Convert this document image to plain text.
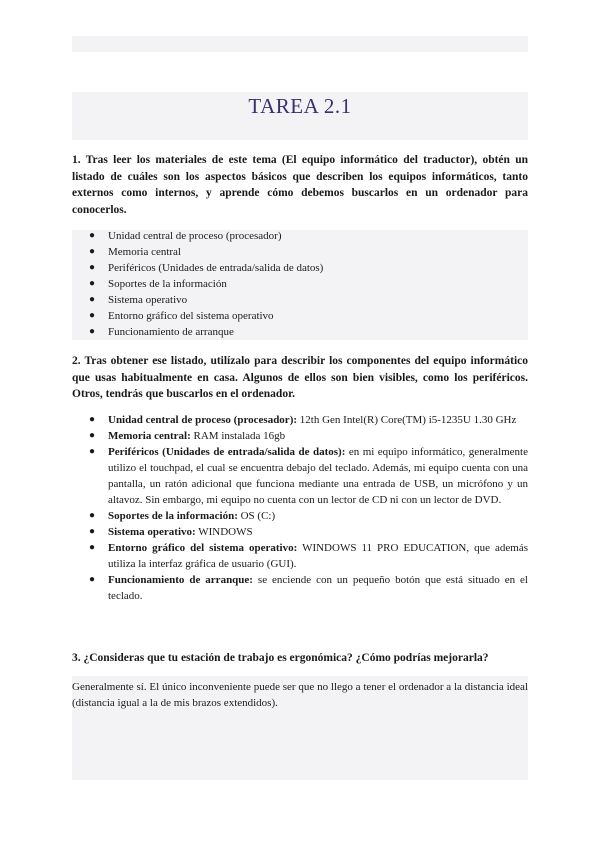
TAREA 2.1

1. Tras leer los materiales de este tema (El equipo informático del traductor), obtén un listado de cuáles son los aspectos básicos que describen los equipos informáticos, tanto externos como internos, y aprende cómo debemos buscarlos en un ordenador para conocerlos.

● Unidad central de proceso (procesador)
● Memoria central
● Periféricos (Unidades de entrada/salida de datos)
● Soportes de la información
● Sistema operativo
● Entorno gráfico del sistema operativo
● Funcionamiento de arranque

2. Tras obtener ese listado, utilízalo para describir los componentes del equipo informático que usas habitualmente en casa. Algunos de ellos son bien visibles, como los periféricos. Otros, tendrás que buscarlos en el ordenador.

● Unidad central de proceso (procesador): 12th Gen Intel(R) Core(TM) i5-1235U 1.30 GHz
● Memoria central: RAM instalada 16gb
● Periféricos (Unidades de entrada/salida de datos): en mi equipo informático, generalmente utilizo el touchpad, el cual se encuentra debajo del teclado. Además, mi equipo cuenta con una pantalla, un ratón adicional que funciona mediante una entrada de USB, un micrófono y un altavoz. Sin embargo, mi equipo no cuenta con un lector de CD ni con un lector de DVD.
● Soportes de la información: OS (C:)
● Sistema operativo: WINDOWS
● Entorno gráfico del sistema operativo: WINDOWS 11 PRO EDUCATION, que además utiliza la interfaz gráfica de usuario (GUI).
● Funcionamiento de arranque: se enciende con un pequeño botón que está situado en el teclado.

3. ¿Consideras que tu estación de trabajo es ergonómica? ¿Cómo podrías mejorarla?

Generalmente sí. El único inconveniente puede ser que no llego a tener el ordenador a la distancia ideal (distancia igual a la de mis brazos extendidos).
